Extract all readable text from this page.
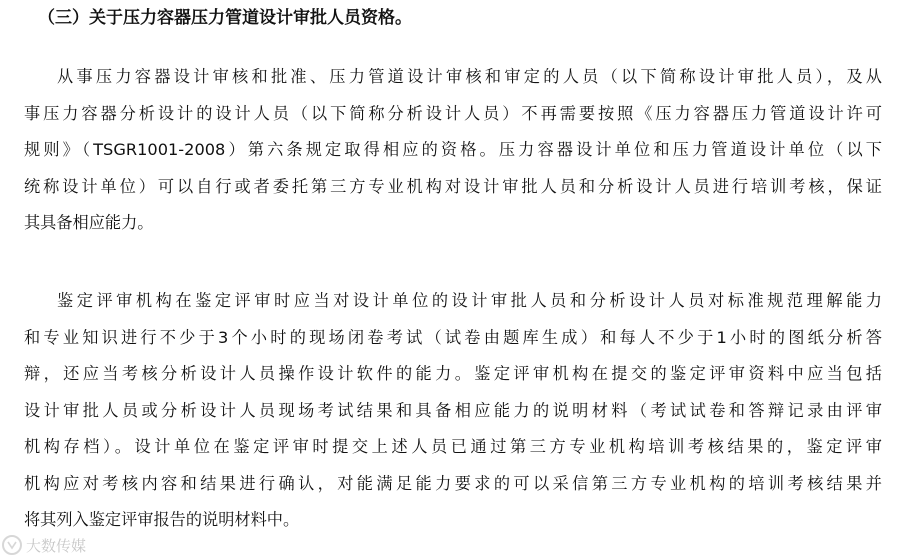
（三）关于压力容器压力管道设计审批人员资格。
从事压力容器设计审核和批准、压力管道设计审核和审定的人员（以下简称设计审批人员），及从
事压力容器分析设计的设计人员（以下简称分析设计人员）不再需要按照《压力容器压力管道设计许可
规则》（TSGR1001-2008）第六条规定取得相应的资格。压力容器设计单位和压力管道设计单位（以下
统称设计单位）可以自行或者委托第三方专业机构对设计审批人员和分析设计人员进行培训考核，保证
其具备相应能力。
鉴定评审机构在鉴定评审时应当对设计单位的设计审批人员和分析设计人员对标准规范理解能力
和专业知识进行不少于3个小时的现场闭卷考试（试卷由题库生成）和每人不少于1小时的图纸分析答
辩，还应当考核分析设计人员操作设计软件的能力。鉴定评审机构在提交的鉴定评审资料中应当包括
设计审批人员或分析设计人员现场考试结果和具备相应能力的说明材料（考试试卷和答辩记录由评审
机构存档）。设计单位在鉴定评审时提交上述人员已通过第三方专业机构培训考核结果的，鉴定评审
机构应对考核内容和结果进行确认，对能满足能力要求的可以采信第三方专业机构的培训考核结果并
将其列入鉴定评审报告的说明材料中。
大数传媒
